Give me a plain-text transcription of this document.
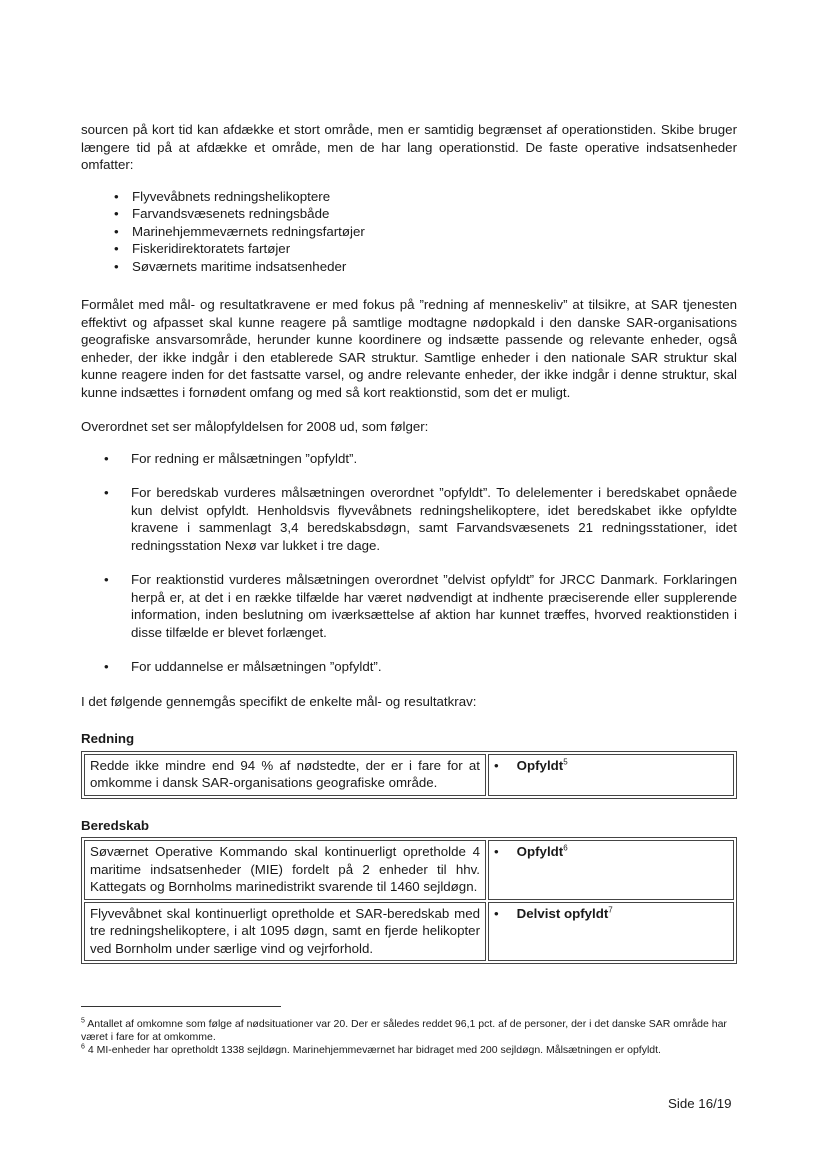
sourcen på kort tid kan afdække et stort område, men er samtidig begrænset af operationstiden. Skibe bruger længere tid på at afdække et område, men de har lang operationstid. De faste operative indsatsenheder omfatter:

• Flyvevåbnets redningshelikoptere
• Farvandsvæsenets redningsbåde
• Marinehjemmeværnets redningsfartøjer
• Fiskeridirektoratets fartøjer
• Søværnets maritime indsatsenheder

Formålet med mål- og resultatkravene er med fokus på ”redning af menneskeliv” at tilsikre, at SAR tjenesten effektivt og afpasset skal kunne reagere på samtlige modtagne nødopkald i den danske SAR-organisations geografiske ansvarsområde, herunder kunne koordinere og indsætte passende og relevante enheder, også enheder, der ikke indgår i den etablerede SAR struktur. Samtlige enheder i den nationale SAR struktur skal kunne reagere inden for det fastsatte varsel, og andre relevante enheder, der ikke indgår i denne struktur, skal kunne indsættes i fornødent omfang og med så kort reaktionstid, som det er muligt.

Overordnet set ser målopfyldelsen for 2008 ud, som følger:

• For redning er målsætningen ”opfyldt”.
• For beredskab vurderes målsætningen overordnet ”opfyldt”. To delelementer i beredskabet opnåede kun delvist opfyldt. Henholdsvis flyvevåbnets redningshelikoptere, idet beredskabet ikke opfyldte kravene i sammenlagt 3,4 beredskabsdøgn, samt Farvandsvæsenets 21 redningsstationer, idet redningsstation Nexø var lukket i tre dage.
• For reaktionstid vurderes målsætningen overordnet ”delvist opfyldt” for JRCC Danmark. Forklaringen herpå er, at det i en række tilfælde har været nødvendigt at indhente præciserende eller supplerende information, inden beslutning om iværksættelse af aktion har kunnet træffes, hvorved reaktionstiden i disse tilfælde er blevet forlænget.
• For uddannelse er målsætningen ”opfyldt”.

I det følgende gennemgås specifikt de enkelte mål- og resultatkrav:

Redning
Redde ikke mindre end 94 % af nødstedte, der er i fare for at omkomme i dansk SAR-organisations geografiske område.	• Opfyldt$^5$
Beredskab
Søværnet Operative Kommando skal kontinuerligt opretholde 4 maritime indsatsenheder (MIE) fordelt på 2 enheder til hhv. Kattegats og Bornholms marinedistrikt svarende til 1460 sejldøgn.	• Opfyldt$^6$
Flyvevåbnet skal kontinuerligt opretholde et SAR-beredskab med tre redningshelikoptere, i alt 1095 døgn, samt en fjerde helikopter ved Bornholm under særlige vind og vejrforhold.	• Delvist opfyldt$^7$
$^5$ Antallet af omkomne som følge af nødsituationer var 20. Der er således reddet 96,1 pct. af de personer, der i det danske SAR område har været i fare for at omkomme.
$^6$ 4 MI-enheder har opretholdt 1338 sejldøgn. Marinehjemmeværnet har bidraget med 200 sejldøgn. Målsætningen er opfyldt.
Side 16/19
